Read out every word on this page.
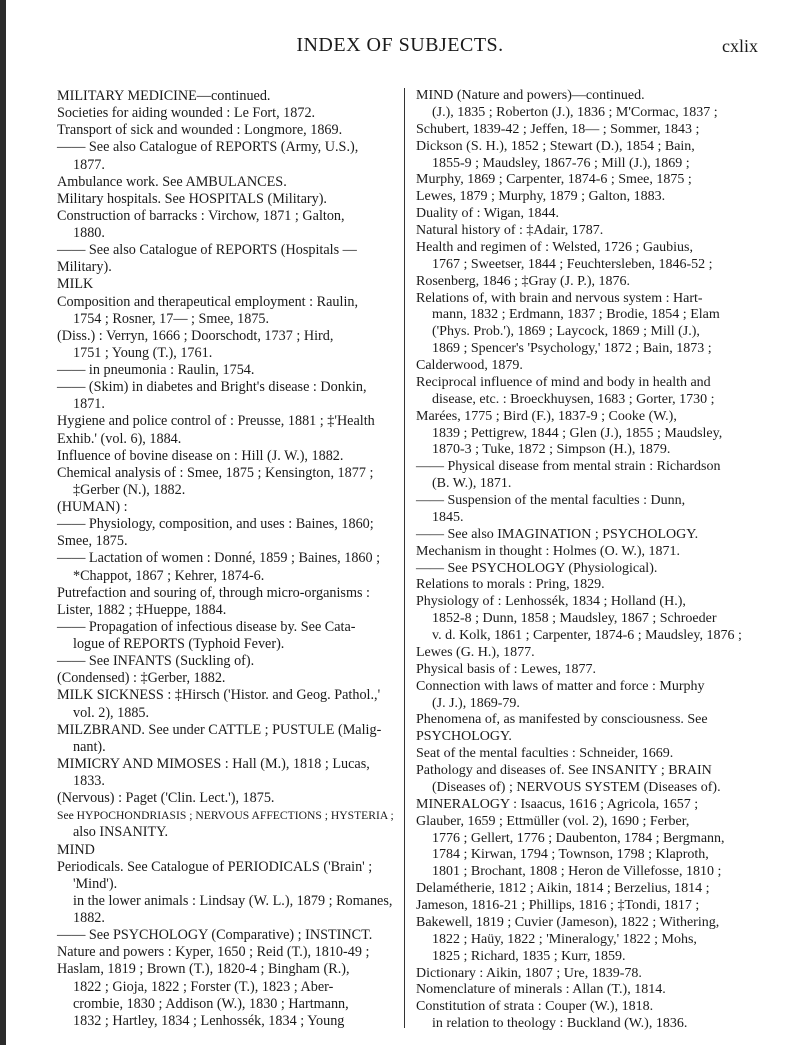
INDEX OF SUBJECTS.	cxlix
MILITARY MEDICINE—continued.
Societies for aiding wounded : Le Fort, 1872.
Transport of sick and wounded : Longmore, 1869.
—— See also Catalogue of REPORTS (Army, U.S.),
1877.
Ambulance work. See AMBULANCES.
Military hospitals. See HOSPITALS (Military).
Construction of barracks : Virchow, 1871 ; Galton,
1880.
—— See also Catalogue of REPORTS (Hospitals —
Military).
MILK
Composition and therapeutical employment : Raulin,
1754 ; Rosner, 17— ; Smee, 1875.
(Diss.) : Verryn, 1666 ; Doorschodt, 1737 ; Hird,
1751 ; Young (T.), 1761.
—— in pneumonia : Raulin, 1754.
—— (Skim) in diabetes and Bright's disease : Donkin,
1871.
Hygiene and police control of : Preusse, 1881 ; ‡'Health
Exhib.' (vol. 6), 1884.
Influence of bovine disease on : Hill (J. W.), 1882.
Chemical analysis of : Smee, 1875 ; Kensington, 1877 ;
‡Gerber (N.), 1882.
(HUMAN) :
—— Physiology, composition, and uses : Baines, 1860;
Smee, 1875.
—— Lactation of women : Donné, 1859 ; Baines, 1860 ;
*Chappot, 1867 ; Kehrer, 1874-6.
Putrefaction and souring of, through micro-organisms :
Lister, 1882 ; ‡Hueppe, 1884.
—— Propagation of infectious disease by. See Cata-
logue of REPORTS (Typhoid Fever).
—— See INFANTS (Suckling of).
(Condensed) : ‡Gerber, 1882.
MILK SICKNESS : ‡Hirsch ('Histor. and Geog. Pathol.,'
vol. 2), 1885.
MILZBRAND. See under CATTLE ; PUSTULE (Malig-
nant).
MIMICRY AND MIMOSES : Hall (M.), 1818 ; Lucas,
1833.
(Nervous) : Paget ('Clin. Lect.'), 1875.
See HYPOCHONDRIASIS ; NERVOUS AFFECTIONS ; HYSTERIA ;
also INSANITY.
MIND
Periodicals. See Catalogue of PERIODICALS ('Brain' ;
'Mind').
in the lower animals : Lindsay (W. L.), 1879 ; Romanes,
1882.
—— See PSYCHOLOGY (Comparative) ; INSTINCT.
Nature and powers : Kyper, 1650 ; Reid (T.), 1810-49 ;
Haslam, 1819 ; Brown (T.), 1820-4 ; Bingham (R.),
1822 ; Gioja, 1822 ; Forster (T.), 1823 ; Aber-
crombie, 1830 ; Addison (W.), 1830 ; Hartmann,
1832 ; Hartley, 1834 ; Lenhossék, 1834 ; Young
MIND (Nature and powers)—continued.
(J.), 1835 ; Roberton (J.), 1836 ; M'Cormac, 1837 ;
Schubert, 1839-42 ; Jeffen, 18— ; Sommer, 1843 ;
Dickson (S. H.), 1852 ; Stewart (D.), 1854 ; Bain,
1855-9 ; Maudsley, 1867-76 ; Mill (J.), 1869 ;
Murphy, 1869 ; Carpenter, 1874-6 ; Smee, 1875 ;
Lewes, 1879 ; Murphy, 1879 ; Galton, 1883.
Duality of : Wigan, 1844.
Natural history of : ‡Adair, 1787.
Health and regimen of : Welsted, 1726 ; Gaubius,
1767 ; Sweetser, 1844 ; Feuchtersleben, 1846-52 ;
Rosenberg, 1846 ; ‡Gray (J. P.), 1876.
Relations of, with brain and nervous system : Hart-
mann, 1832 ; Erdmann, 1837 ; Brodie, 1854 ; Elam
('Phys. Prob.'), 1869 ; Laycock, 1869 ; Mill (J.),
1869 ; Spencer's 'Psychology,' 1872 ; Bain, 1873 ;
Calderwood, 1879.
Reciprocal influence of mind and body in health and
disease, etc. : Broeckhuysen, 1683 ; Gorter, 1730 ;
Marées, 1775 ; Bird (F.), 1837-9 ; Cooke (W.),
1839 ; Pettigrew, 1844 ; Glen (J.), 1855 ; Maudsley,
1870-3 ; Tuke, 1872 ; Simpson (H.), 1879.
—— Physical disease from mental strain : Richardson
(B. W.), 1871.
—— Suspension of the mental faculties : Dunn,
1845.
—— See also IMAGINATION ; PSYCHOLOGY.
Mechanism in thought : Holmes (O. W.), 1871.
—— See PSYCHOLOGY (Physiological).
Relations to morals : Pring, 1829.
Physiology of : Lenhossék, 1834 ; Holland (H.),
1852-8 ; Dunn, 1858 ; Maudsley, 1867 ; Schroeder
v. d. Kolk, 1861 ; Carpenter, 1874-6 ; Maudsley, 1876 ;
Lewes (G. H.), 1877.
Physical basis of : Lewes, 1877.
Connection with laws of matter and force : Murphy
(J. J.), 1869-79.
Phenomena of, as manifested by consciousness. See
PSYCHOLOGY.
Seat of the mental faculties : Schneider, 1669.
Pathology and diseases of. See INSANITY ; BRAIN
(Diseases of) ; NERVOUS SYSTEM (Diseases of).
MINERALOGY : Isaacus, 1616 ; Agricola, 1657 ;
Glauber, 1659 ; Ettmüller (vol. 2), 1690 ; Ferber,
1776 ; Gellert, 1776 ; Daubenton, 1784 ; Bergmann,
1784 ; Kirwan, 1794 ; Townson, 1798 ; Klaproth,
1801 ; Brochant, 1808 ; Heron de Villefosse, 1810 ;
Delamétherie, 1812 ; Aikin, 1814 ; Berzelius, 1814 ;
Jameson, 1816-21 ; Phillips, 1816 ; ‡Tondi, 1817 ;
Bakewell, 1819 ; Cuvier (Jameson), 1822 ; Withering,
1822 ; Haüy, 1822 ; 'Mineralogy,' 1822 ; Mohs,
1825 ; Richard, 1835 ; Kurr, 1859.
Dictionary : Aikin, 1807 ; Ure, 1839-78.
Nomenclature of minerals : Allan (T.), 1814.
Constitution of strata : Couper (W.), 1818.
in relation to theology : Buckland (W.), 1836.
